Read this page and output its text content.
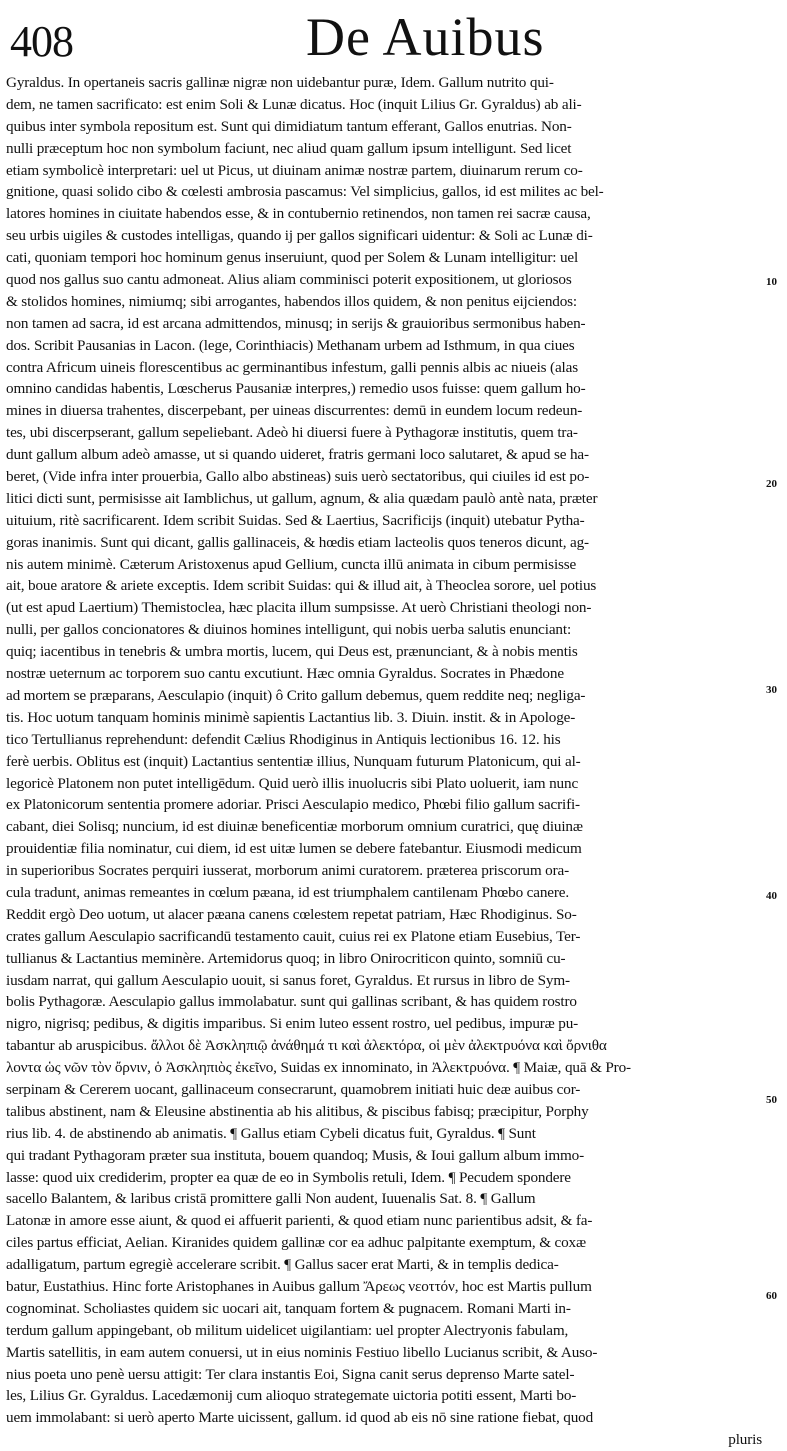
408	De Auibus
Gyraldus. In opertaneis sacris gallinæ nigræ non uidebantur puræ, Idem. Gallum nutrito qui-
dem, ne tamen sacrificato: est enim Soli & Lunæ dicatus. Hoc (inquit Lilius Gr. Gyraldus) ab ali-
quibus inter symbola repositum est. Sunt qui dimidiatum tantum efferant, Gallos enutrias. Non-
nulli præceptum hoc non symbolum faciunt, nec aliud quam gallum ipsum intelligunt. Sed licet
etiam symbolicè interpretari: uel ut Picus, ut diuinam animæ nostræ partem, diuinarum rerum co-
gnitione, quasi solido cibo & cœlesti ambrosia pascamus: Vel simplicius, gallos, id est milites ac bel-
latores homines in ciuitate habendos esse, & in contubernio retinendos, non tamen rei sacræ causa,
seu urbis uigiles & custodes intelligas, quando ij per gallos significari uidentur: & Soli ac Lunæ di-
cati, quoniam tempori hoc hominum genus inseruiunt, quod per Solem & Lunam intelligitur: uel
quod nos gallus suo cantu admoneat. Alius aliam comminisci poterit expositionem, ut gloriosos
& stolidos homines, nimiumq; sibi arrogantes, habendos illos quidem, & non penitus eijciendos:
non tamen ad sacra, id est arcana admittendos, minusq; in serijs & grauioribus sermonibus haben-
dos. Scribit Pausanias in Lacon. (lege, Corinthiacis) Methanam urbem ad Isthmum, in qua ciues
contra Africum uineis florescentibus ac germinantibus infestum, galli pennis albis ac niueis (alas
omnino candidas habentis, Lœscherus Pausaniæ interpres,) remedio usos fuisse: quem gallum ho-
mines in diuersa trahentes, discerpebant, per uineas discurrentes: demū in eundem locum redeun-
tes, ubi discerpserant, gallum sepeliebant. Adeò hi diuersi fuere à Pythagoræ institutis, quem tra-
dunt gallum album adeò amasse, ut si quando uideret, fratris germani loco salutaret, & apud se ha-
beret, (Vide infra inter prouerbia, Gallo albo abstineas) suis uerò sectatoribus, qui ciuiles id est po-
litici dicti sunt, permisisse ait Iamblichus, ut gallum, agnum, & alia quædam paulò antè nata, præter
uituium, ritè sacrificarent. Idem scribit Suidas. Sed & Laertius, Sacrificijs (inquit) utebatur Pytha-
goras inanimis. Sunt qui dicant, gallis gallinaceis, & hœdis etiam lacteolis quos teneros dicunt, ag-
nis autem minimè. Cæterum Aristoxenus apud Gellium, cuncta illū animata in cibum permisisse
ait, boue aratore & ariete exceptis. Idem scribit Suidas: qui & illud ait, à Theoclea sorore, uel potius
(ut est apud Laertium) Themistoclea, hæc placita illum sumpsisse. At uerò Christiani theologi non-
nulli, per gallos concionatores & diuinos homines intelligunt, qui nobis uerba salutis enunciant:
quiq; iacentibus in tenebris & umbra mortis, lucem, qui Deus est, prænunciant, & à nobis mentis
nostræ ueternum ac torporem suo cantu excutiunt. Hæc omnia Gyraldus. Socrates in Phædone
ad mortem se præparans, Aesculapio (inquit) ô Crito gallum debemus, quem reddite neq; negliga-
tis. Hoc uotum tanquam hominis minimè sapientis Lactantius lib. 3. Diuin. instit. & in Apologe-
tico Tertullianus reprehendunt: defendit Cælius Rhodiginus in Antiquis lectionibus 16. 12. his
ferè uerbis. Oblitus est (inquit) Lactantius sententiæ illius, Nunquam futurum Platonicum, qui al-
legoricè Platonem non putet intelligēdum. Quid uerò illis inuolucris sibi Plato uoluerit, iam nunc
ex Platonicorum sententia promere adoriar. Prisci Aesculapio medico, Phœbi filio gallum sacrifi-
cabant, diei Solisq; nuncium, id est diuinæ beneficentiæ morborum omnium curatrici, quę diuinæ
prouidentiæ filia nominatur, cui diem, id est uitæ lumen se debere fatebantur. Eiusmodi medicum
in superioribus Socrates perquiri iusserat, morborum animi curatorem. præterea priscorum ora-
cula tradunt, animas remeantes in cœlum pæana, id est triumphalem cantilenam Phœbo canere.
Reddit ergò Deo uotum, ut alacer pæana canens cœlestem repetat patriam, Hæc Rhodiginus. So-
crates gallum Aesculapio sacrificandū testamento cauit, cuius rei ex Platone etiam Eusebius, Ter-
tullianus & Lactantius meminère. Artemidorus quoq; in libro Onirocriticon quinto, somniū cu-
iusdam narrat, qui gallum Aesculapio uouit, si sanus foret, Gyraldus. Et rursus in libro de Sym-
bolis Pythagoræ. Aesculapio gallus immolabatur. sunt qui gallinas scribant, & has quidem rostro
nigro, nigrisq; pedibus, & digitis imparibus. Si enim luteo essent rostro, uel pedibus, impuræ pu-
tabantur ab aruspicibus. ἄλλοι δὲ Ἀσκληπιῷ ἀνάθημά τι καὶ ἀλεκτόρα, οἱ μὲν ἀλεκτρυόνα καὶ ὄρνιθα
λοντα ὡς νῶν τὸν ὄρνιν, ὁ Ἀσκληπιὸς ἐκεῖνο, Suidas ex innominato, in Ἀλεκτρυόνα. ¶ Maiæ, quā & Pro-
serpinam & Cererem uocant, gallinaceum consecrarunt, quamobrem initiati huic deæ auibus cor-
talibus abstinent, nam & Eleusine abstinentia ab his alitibus, & piscibus fabisq; præcipitur, Porphy
rius lib. 4. de abstinendo ab animatis. ¶ Gallus etiam Cybeli dicatus fuit, Gyraldus. ¶ Sunt
qui tradant Pythagoram præter sua instituta, bouem quandoq; Musis, & Ioui gallum album immo-
lasse: quod uix crediderim, propter ea quæ de eo in Symbolis retuli, Idem. ¶ Pecudem spondere
sacello Balantem, & laribus cristā promittere galli Non audent, Iuuenalis Sat. 8. ¶ Gallum
Latonæ in amore esse aiunt, & quod ei affuerit parienti, & quod etiam nunc parientibus adsit, & fa-
ciles partus efficiat, Aelian. Kiranides quidem gallinæ cor ea adhuc palpitante exemptum, & coxæ
adalligatum, partum egregiè accelerare scribit. ¶ Gallus sacer erat Marti, & in templis dedica-
batur, Eustathius. Hinc forte Aristophanes in Auibus gallum Ἄρεως νεοττόν, hoc est Martis pullum
cognominat. Scholiastes quidem sic uocari ait, tanquam fortem & pugnacem. Romani Marti in-
terdum gallum appingebant, ob militum uidelicet uigilantiam: uel propter Alectryonis fabulam,
Martis satellitis, in eam autem conuersi, ut in eius nominis Festiuo libello Lucianus scribit, & Auso-
nius poeta uno penè uersu attigit: Ter clara instantis Eoi, Signa canit serus deprenso Marte satel-
les, Lilius Gr. Gyraldus. Lacedæmonij cum alioquo strategemate uictoria potiti essent, Marti bo-
uem immolabant: si uerò aperto Marte uicissent, gallum. id quod ab eis nō sine ratione fiebat, quod
pluris
10
20
30
40
50
60
